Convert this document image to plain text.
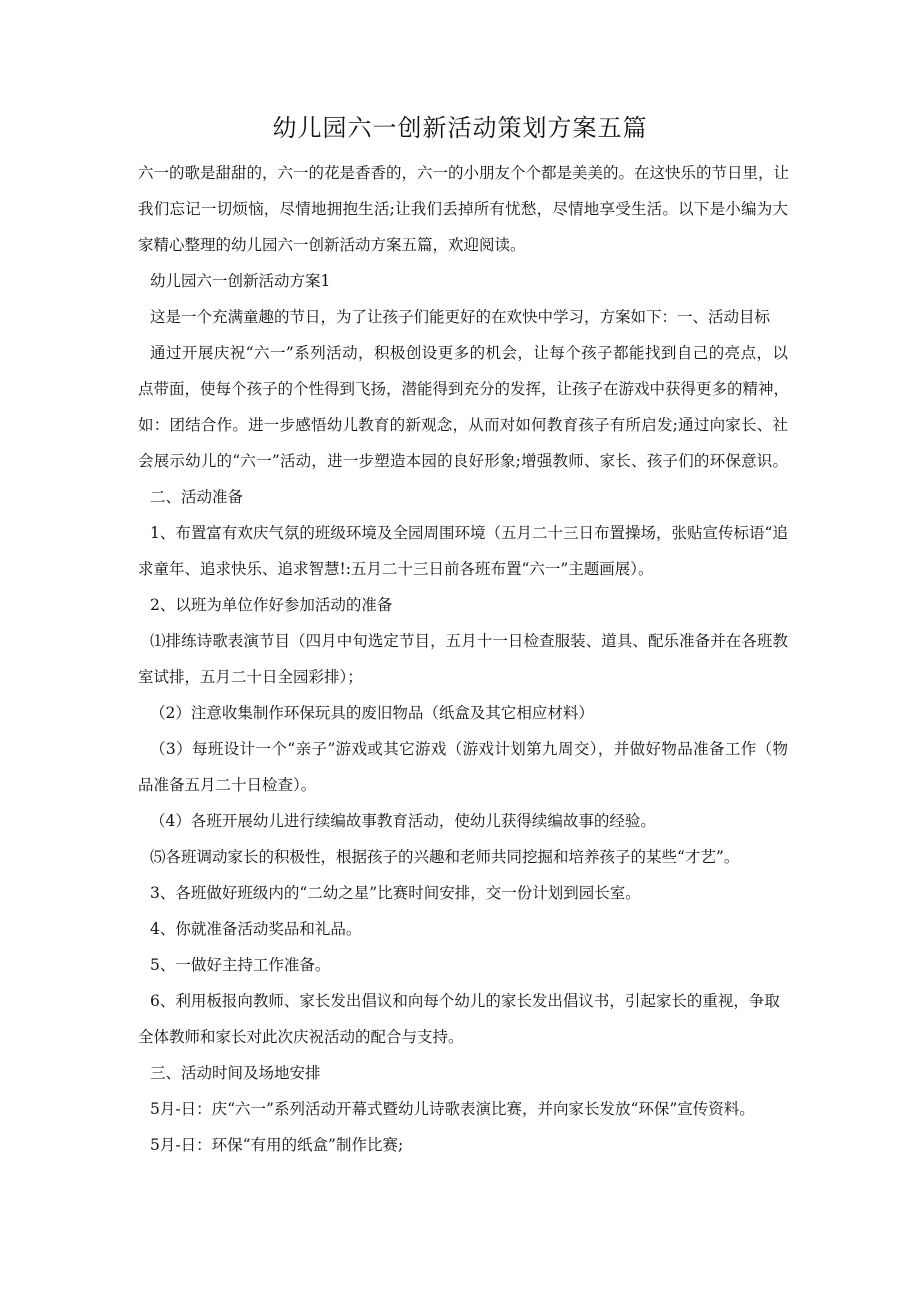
幼儿园六一创新活动策划方案五篇
六一的歌是甜甜的，六一的花是香香的，六一的小朋友个个都是美美的。在这快乐的节日里，让
我们忘记一切烦恼，尽情地拥抱生活;让我们丢掉所有忧愁，尽情地享受生活。以下是小编为大
家精心整理的幼儿园六一创新活动方案五篇，欢迎阅读。
幼儿园六一创新活动方案1
这是一个充满童趣的节日，为了让孩子们能更好的在欢快中学习，方案如下：一、活动目标
通过开展庆祝“六一”系列活动，积极创设更多的机会，让每个孩子都能找到自己的亮点，以
点带面，使每个孩子的个性得到飞扬，潜能得到充分的发挥，让孩子在游戏中获得更多的精神，
如：团结合作。进一步感悟幼儿教育的新观念，从而对如何教育孩子有所启发;通过向家长、社
会展示幼儿的“六一”活动，进一步塑造本园的良好形象;增强教师、家长、孩子们的环保意识。
二、活动准备
1、布置富有欢庆气氛的班级环境及全园周围环境（五月二十三日布置操场，张贴宣传标语“追
求童年、追求快乐、追求智慧!:五月二十三日前各班布置“六一”主题画展）。
2、以班为单位作好参加活动的准备
⑴排练诗歌表演节目（四月中旬选定节目，五月十一日检查服装、道具、配乐准备并在各班教
室试排，五月二十日全园彩排）；
（2）注意收集制作环保玩具的废旧物品（纸盒及其它相应材料）
（3）每班设计一个“亲子”游戏或其它游戏（游戏计划第九周交），并做好物品准备工作（物
品准备五月二十日检查）。
（4）各班开展幼儿进行续编故事教育活动，使幼儿获得续编故事的经验。
⑸各班调动家长的积极性，根据孩子的兴趣和老师共同挖掘和培养孩子的某些“才艺”。
3、各班做好班级内的“二幼之星”比赛时间安排，交一份计划到园长室。
4、你就准备活动奖品和礼品。
5、一做好主持工作准备。
6、利用板报向教师、家长发出倡议和向每个幼儿的家长发出倡议书，引起家长的重视，争取
全体教师和家长对此次庆祝活动的配合与支持。
三、活动时间及场地安排
5月-日：庆“六一”系列活动开幕式暨幼儿诗歌表演比赛，并向家长发放“环保”宣传资料。
5月-日：环保“有用的纸盒”制作比赛;
